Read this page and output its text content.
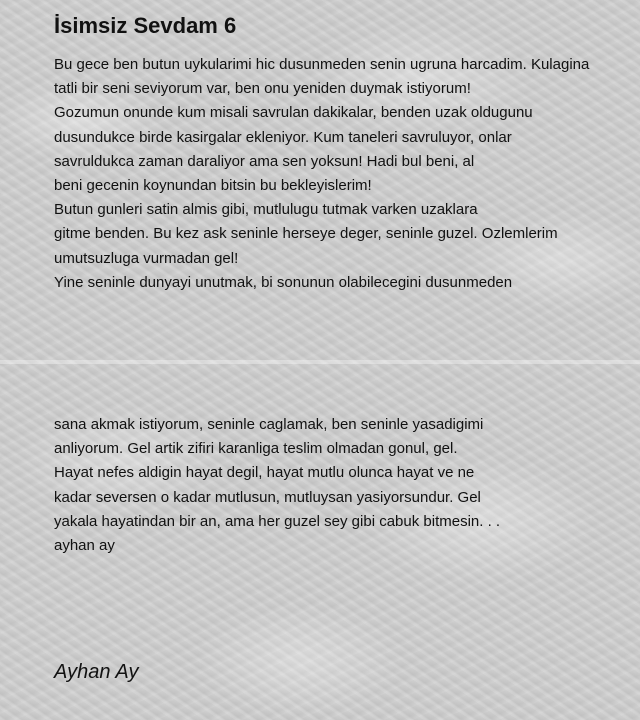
İsimsiz Sevdam 6
Bu gece ben butun uykularimi hic dusunmeden senin ugruna harcadim. Kulagina
tatli bir seni seviyorum var, ben onu yeniden duymak istiyorum!
Gozumun onunde kum misali savrulan dakikalar, benden uzak oldugunu
dusundukce birde kasirgalar ekleniyor. Kum taneleri savruluyor, onlar
savruldukca zaman daraliyor ama sen yoksun! Hadi bul beni, al
beni gecenin koynundan bitsin bu bekleyislerim!
Butun gunleri satin almis gibi, mutlulugu tutmak varken uzaklara
gitme benden. Bu kez ask seninle herseye deger, seninle guzel. Ozlemlerim
umutsuzluga vurmadan gel!
Yine seninle dunyayi unutmak, bi sonunun olabilecegini dusunmeden
sana akmak istiyorum, seninle caglamak, ben seninle yasadigimi
anliyorum. Gel artik zifiri karanliga teslim olmadan gonul, gel.
Hayat nefes aldigin hayat degil, hayat mutlu olunca hayat ve ne
kadar seversen o kadar mutlusun, mutluysan yasiyorsundur. Gel
yakala hayatindan bir an, ama her guzel sey gibi cabuk bitmesin. . .
ayhan ay
Ayhan Ay
